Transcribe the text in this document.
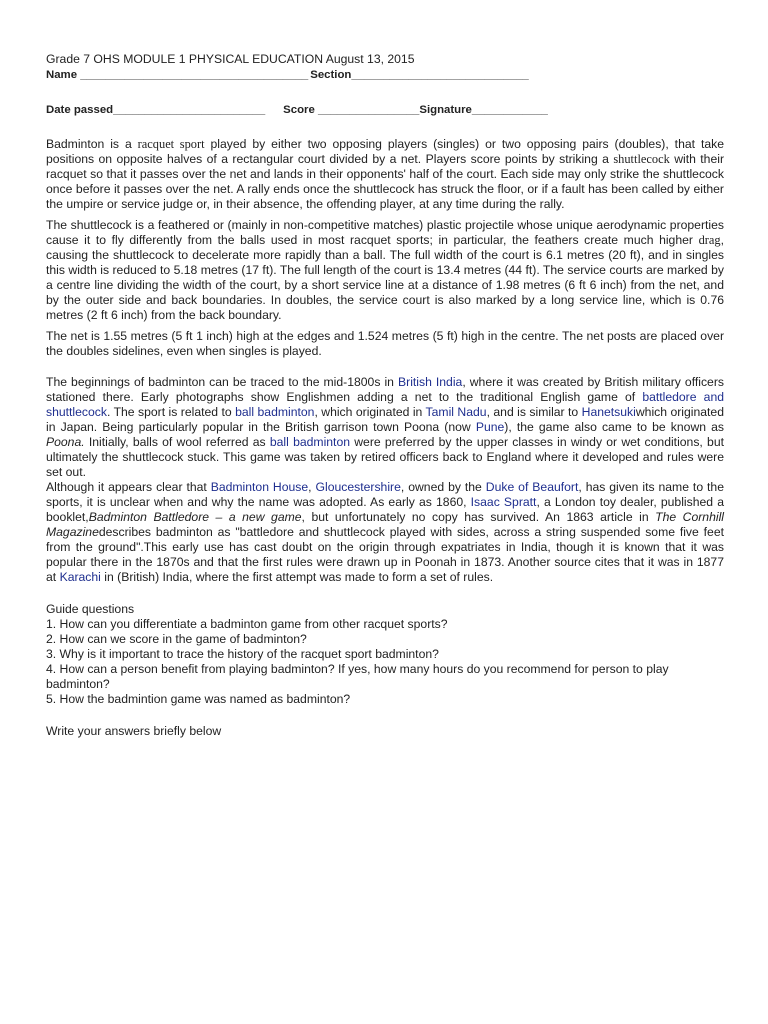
Grade 7 OHS MODULE 1 PHYSICAL EDUCATION August 13, 2015
Name ____________________________________ Section____________________________
Date passed________________________ Score ________________Signature____________

Badminton is a racquet sport played by either two opposing players (singles) or two opposing pairs (doubles), that take positions on opposite halves of a rectangular court divided by a net. Players score points by striking a shuttlecock with their racquet so that it passes over the net and lands in their opponents' half of the court. Each side may only strike the shuttlecock once before it passes over the net. A rally ends once the shuttlecock has struck the floor, or if a fault has been called by either the umpire or service judge or, in their absence, the offending player, at any time during the rally.

The shuttlecock is a feathered or (mainly in non-competitive matches) plastic projectile whose unique aerodynamic properties cause it to fly differently from the balls used in most racquet sports; in particular, the feathers create much higher drag, causing the shuttlecock to decelerate more rapidly than a ball. The full width of the court is 6.1 metres (20 ft), and in singles this width is reduced to 5.18 metres (17 ft). The full length of the court is 13.4 metres (44 ft). The service courts are marked by a centre line dividing the width of the court, by a short service line at a distance of 1.98 metres (6 ft 6 inch) from the net, and by the outer side and back boundaries. In doubles, the service court is also marked by a long service line, which is 0.76 metres (2 ft 6 inch) from the back boundary.

The net is 1.55 metres (5 ft 1 inch) high at the edges and 1.524 metres (5 ft) high in the centre. The net posts are placed over the doubles sidelines, even when singles is played.

The beginnings of badminton can be traced to the mid-1800s in British India, where it was created by British military officers stationed there. Early photographs show Englishmen adding a net to the traditional English game of battledore and shuttlecock. The sport is related to ball badminton, which originated in Tamil Nadu, and is similar to Hanetsukiwhich originated in Japan. Being particularly popular in the British garrison town Poona (now Pune), the game also came to be known as Poona. Initially, balls of wool referred as ball badminton were preferred by the upper classes in windy or wet conditions, but ultimately the shuttlecock stuck. This game was taken by retired officers back to England where it developed and rules were set out.

Although it appears clear that Badminton House, Gloucestershire, owned by the Duke of Beaufort, has given its name to the sports, it is unclear when and why the name was adopted. As early as 1860, Isaac Spratt, a London toy dealer, published a booklet,Badminton Battledore – a new game, but unfortunately no copy has survived. An 1863 article in The Cornhill Magazinedescribes badminton as "battledore and shuttlecock played with sides, across a string suspended some five feet from the ground".This early use has cast doubt on the origin through expatriates in India, though it is known that it was popular there in the 1870s and that the first rules were drawn up in Poonah in 1873. Another source cites that it was in 1877 at Karachi in (British) India, where the first attempt was made to form a set of rules.

Guide questions
1. How can you differentiate a badminton game from other racquet sports?
2. How can we score in the game of badminton?
3. Why is it important to trace the history of the racquet sport badminton?
4. How can a person benefit from playing badminton? If yes, how many hours do you recommend for person to play badminton?
5. How the badmintion game was named as badminton?
Write your answers briefly below
